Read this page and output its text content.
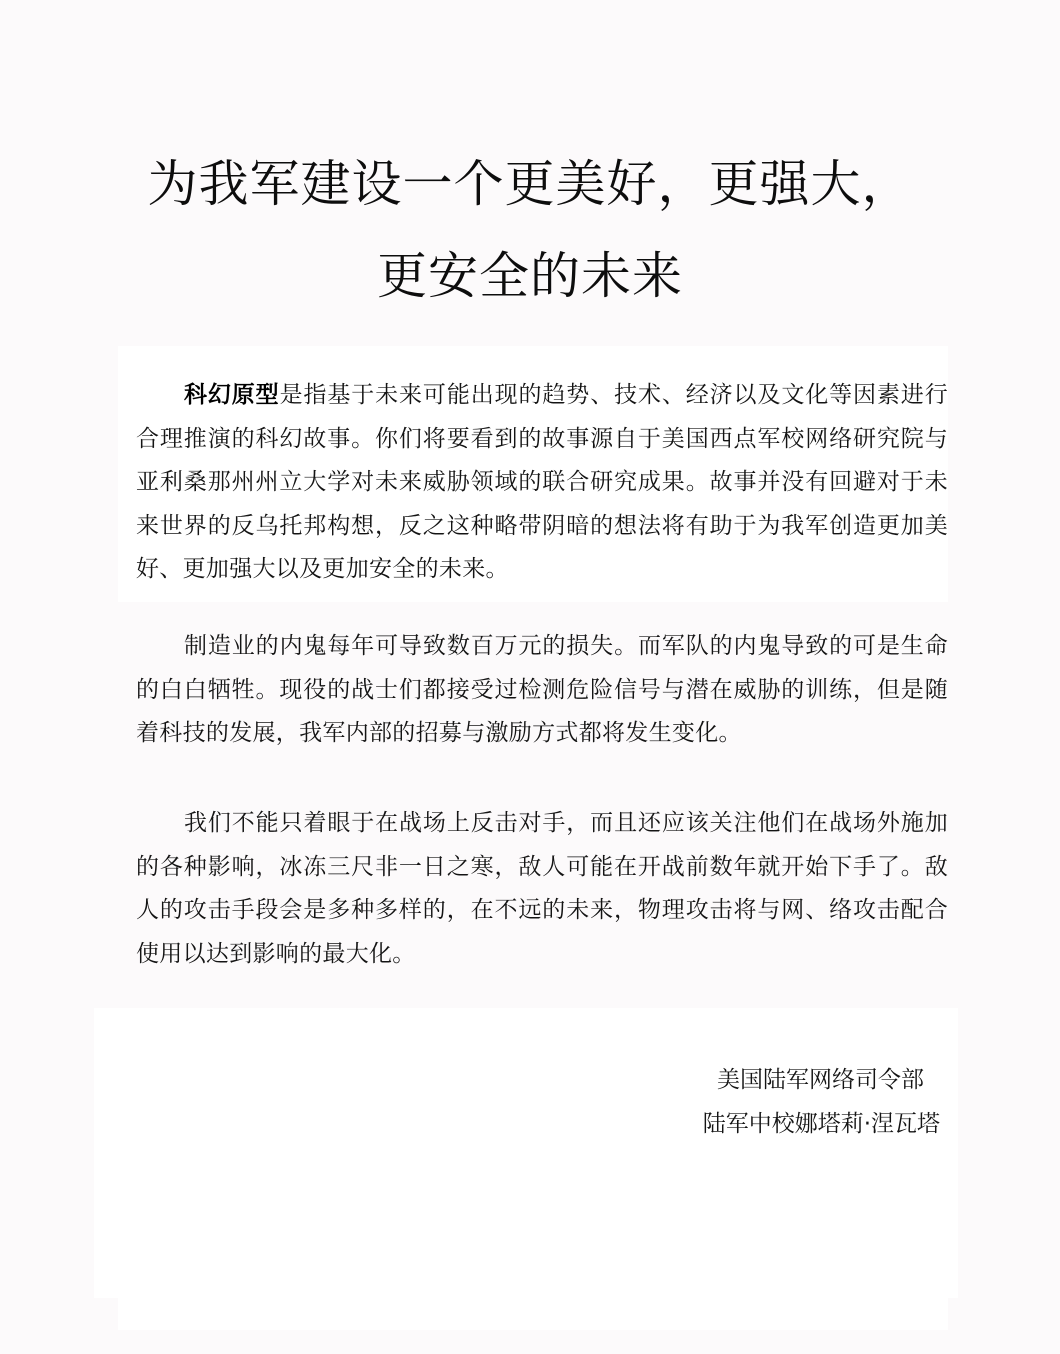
为我军建设一个更美好，更强大，
更安全的未来

科幻原型是指基于未来可能出现的趋势、技术、经济以及文化等因素进行合理推演的科幻故事。你们将要看到的故事源自于美国西点军校网络研究院与亚利桑那州州立大学对未来威胁领域的联合研究成果。故事并没有回避对于未来世界的反乌托邦构想，反之这种略带阴暗的想法将有助于为我军创造更加美好、更加强大以及更加安全的未来。

制造业的内鬼每年可导致数百万元的损失。而军队的内鬼导致的可是生命的白白牺牲。现役的战士们都接受过检测危险信号与潜在威胁的训练，但是随着科技的发展，我军内部的招募与激励方式都将发生变化。

我们不能只着眼于在战场上反击对手，而且还应该关注他们在战场外施加的各种影响，冰冻三尺非一日之寒，敌人可能在开战前数年就开始下手了。敌人的攻击手段会是多种多样的，在不远的未来，物理攻击将与网、络攻击配合使用以达到影响的最大化。

美国陆军网络司令部
陆军中校娜塔莉·涅瓦塔
